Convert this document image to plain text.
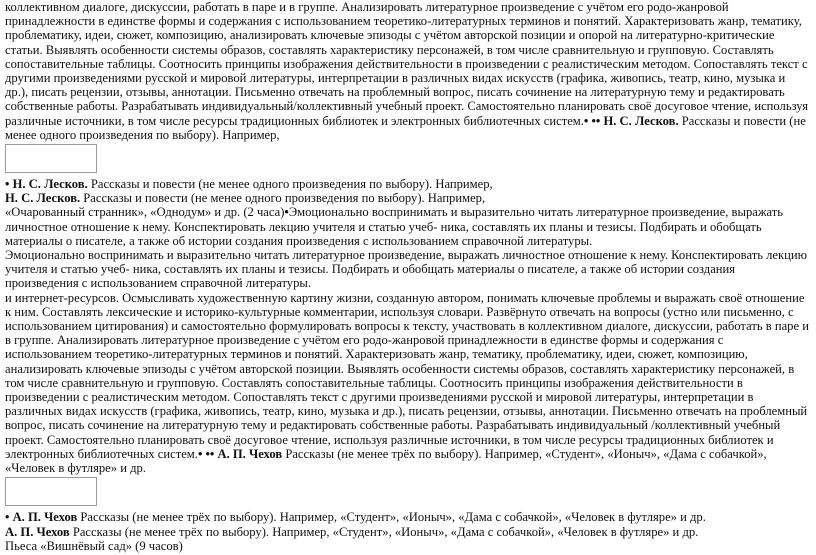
коллективном диалоге, дискуссии, работать в паре и в группе. Анализировать литературное произведение с учётом его родо-жанровой принадлежности в единстве формы и содержания с использованием теоретико-литературных терминов и понятий. Характеризовать жанр, тематику, проблематику, идеи, сюжет, композицию, анализировать ключевые эпизоды с учётом авторской позиции и опорой на литературно-критические статьи. Выявлять особенности системы образов, составлять характеристику персонажей, в том числе сравнительную и групповую. Составлять сопоставительные таблицы. Соотносить принципы изображения действительности в произведении с реалистическим методом. Сопоставлять текст с другими произведениями русской и мировой литературы, интерпретации в различных видах искусств (графика, живопись, театр, кино, музыка и др.), писать рецензии, отзывы, аннотации. Письменно отвечать на проблемный вопрос, писать сочинение на литературную тему и редактировать собственные работы. Разрабатывать индивидуальный/коллективный учебный проект. Самостоятельно планировать своё досуговое чтение, используя различные источники, в том числе ресурсы традиционных библиотек и электронных библиотечных систем.• •• Н. С. Лесков. Рассказы и повести (не менее одного произведения по выбору). Например,

• Н. С. Лесков. Рассказы и повести (не менее одного произведения по выбору). Например,

Н. С. Лесков. Рассказы и повести (не менее одного произведения по выбору). Например,

«Очарованный странник», «Однодум» и др. (2 часа)•Эмоционально воспринимать и выразительно читать литературное произведение, выражать личностное отношение к нему. Конспектировать лекцию учителя и статью учеб- ника, составлять их планы и тезисы. Подбирать и обобщать материалы о писателе, а также об истории создания произведения с использованием справочной литературы.

Эмоционально воспринимать и выразительно читать литературное произведение, выражать личностное отношение к нему. Конспектировать лекцию учителя и статью учеб- ника, составлять их планы и тезисы. Подбирать и обобщать материалы о писателе, а также об истории создания произведения с использованием справочной литературы.

и интернет-ресурсов. Осмысливать художественную картину жизни, созданную автором, понимать ключевые проблемы и выражать своё отношение к ним. Составлять лексические и историко-культурные комментарии, используя словари. Развёрнуто отвечать на вопросы (устно или письменно, с использованием цитирования) и самостоятельно формулировать вопросы к тексту, участвовать в коллективном диалоге, дискуссии, работать в паре и в группе. Анализировать литературное произведение с учётом его родо-жанровой принадлежности в единстве формы и содержания с использованием теоретико-литературных терминов и понятий. Характеризовать жанр, тематику, проблематику, идеи, сюжет, композицию, анализировать ключевые эпизоды с учётом авторской позиции. Выявлять особенности системы образов, составлять характеристику персонажей, в том числе сравнительную и групповую. Составлять сопоставительные таблицы. Соотносить принципы изображения действительности в произведении с реалистическим методом. Сопоставлять текст с другими произведениями русской и мировой литературы, интерпретации в различных видах искусств (графика, живопись, театр, кино, музыка и др.), писать рецензии, отзывы, аннотации. Письменно отвечать на проблемный вопрос, писать сочинение на литературную тему и редактировать собственные работы. Разрабатывать индивидуальный /коллективный учебный проект. Самостоятельно планировать своё досуговое чтение, используя различные источники, в том числе ресурсы традиционных библиотек и электронных библиотечных систем.• •• А. П. Чехов Рассказы (не менее трёх по выбору). Например, «Студент», «Ионыч», «Дама с собачкой», «Человек в футляре» и др.

• А. П. Чехов Рассказы (не менее трёх по выбору). Например, «Студент», «Ионыч», «Дама с собачкой», «Человек в футляре» и др.

А. П. Чехов Рассказы (не менее трёх по выбору). Например, «Студент», «Ионыч», «Дама с собачкой», «Человек в футляре» и др.

Пьеса «Вишнёвый сад» (9 часов)
